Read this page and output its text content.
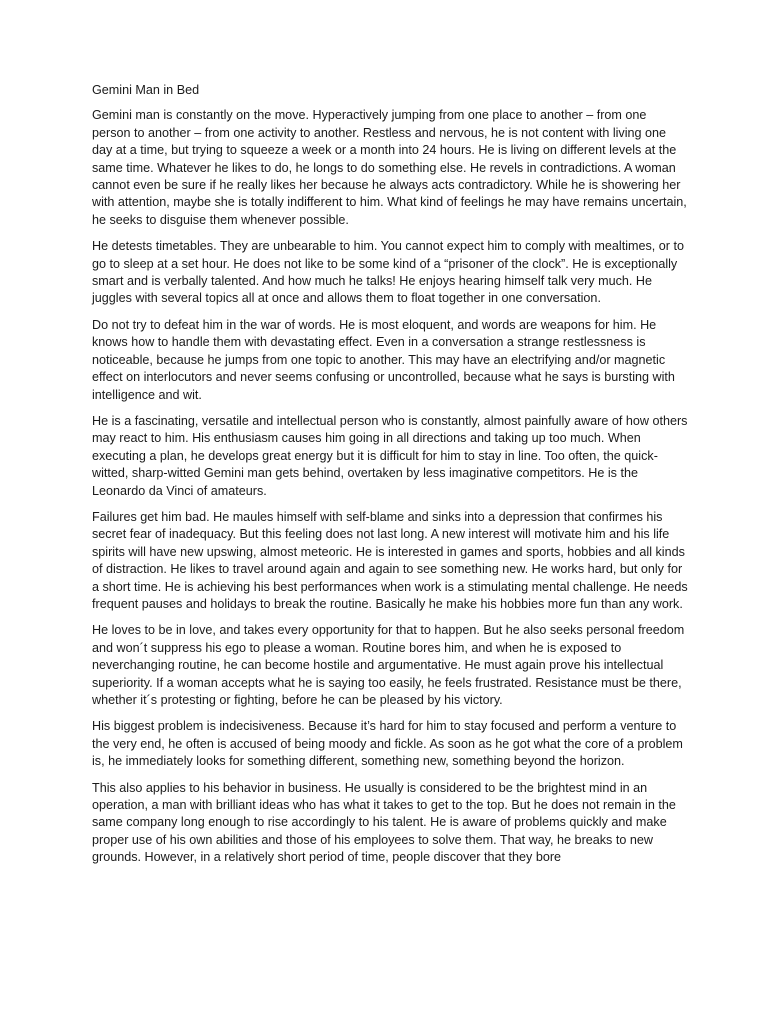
Gemini Man in Bed

Gemini man is constantly on the move. Hyperactively jumping from one place to another – from one person to another – from one activity to another. Restless and nervous, he is not content with living one day at a time, but trying to squeeze a week or a month into 24 hours. He is living on different levels at the same time. Whatever he likes to do, he longs to do something else. He revels in contradictions. A woman cannot even be sure if he really likes her because he always acts contradictory. While he is showering her with attention, maybe she is totally indifferent to him. What kind of feelings he may have remains uncertain, he seeks to disguise them whenever possible.

He detests timetables. They are unbearable to him. You cannot expect him to comply with mealtimes, or to go to sleep at a set hour. He does not like to be some kind of a “prisoner of the clock”. He is exceptionally smart and is verbally talented. And how much he talks! He enjoys hearing himself talk very much. He juggles with several topics all at once and allows them to float together in one conversation.

Do not try to defeat him in the war of words. He is most eloquent, and words are weapons for him. He knows how to handle them with devastating effect. Even in a conversation a strange restlessness is noticeable, because he jumps from one topic to another. This may have an electrifying and/or magnetic effect on interlocutors and never seems confusing or uncontrolled, because what he says is bursting with intelligence and wit.

He is a fascinating, versatile and intellectual person who is constantly, almost painfully aware of how others may react to him. His enthusiasm causes him going in all directions and taking up too much. When executing a plan, he develops great energy but it is difficult for him to stay in line. Too often, the quick-witted, sharp-witted Gemini man gets behind, overtaken by less imaginative competitors. He is the Leonardo da Vinci of amateurs.

Failures get him bad. He maules himself with self-blame and sinks into a depression that confirmes his secret fear of inadequacy. But this feeling does not last long. A new interest will motivate him and his life spirits will have new upswing, almost meteoric. He is interested in games and sports, hobbies and all kinds of distraction. He likes to travel around again and again to see something new. He works hard, but only for a short time. He is achieving his best performances when work is a stimulating mental challenge. He needs frequent pauses and holidays to break the routine. Basically he make his hobbies more fun than any work.

He loves to be in love, and takes every opportunity for that to happen. But he also seeks personal freedom and won´t suppress his ego to please a woman. Routine bores him, and when he is exposed to neverchanging routine, he can become hostile and argumentative. He must again prove his intellectual superiority. If a woman accepts what he is saying too easily, he feels frustrated. Resistance must be there, whether it´s protesting or fighting, before he can be pleased by his victory.

His biggest problem is indecisiveness. Because it’s hard for him to stay focused and perform a venture to the very end, he often is accused of being moody and fickle. As soon as he got what the core of a problem is, he immediately looks for something different, something new, something beyond the horizon.

This also applies to his behavior in business. He usually is considered to be the brightest mind in an operation, a man with brilliant ideas who has what it takes to get to the top. But he does not remain in the same company long enough to rise accordingly to his talent. He is aware of problems quickly and make proper use of his own abilities and those of his employees to solve them. That way, he breaks to new grounds. However, in a relatively short period of time, people discover that they bore
